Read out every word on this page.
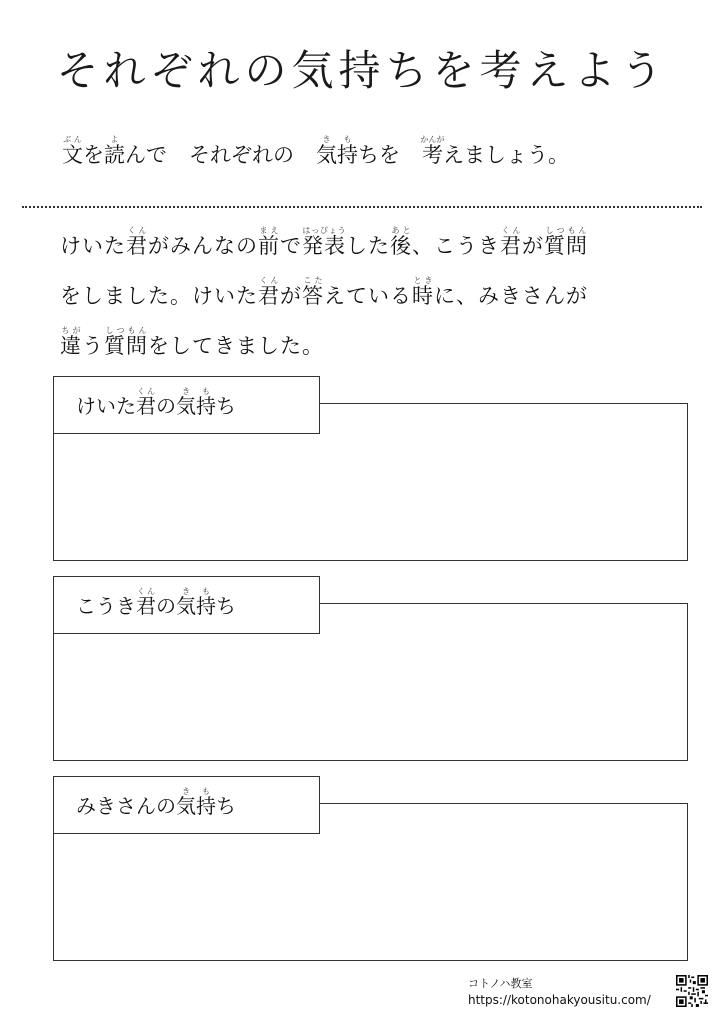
それぞれの気持ちを考えよう
文ぶんを読よんで それぞれの 気持きもちを 考かんがえましょう。

けいた君くんがみんなの前まえで発表はっぴょうした後あと、こうき君くんが質問しつもん

をしました。けいた君くんが答こたえている時ときに、みきさんが

違ちがう質問しつもんをしてきました。

けいた君くんの気持きもち
こうき君くんの気持きもち
みきさんの気持きもち
コトノハ教室
https://kotonohakyousitu.com/
